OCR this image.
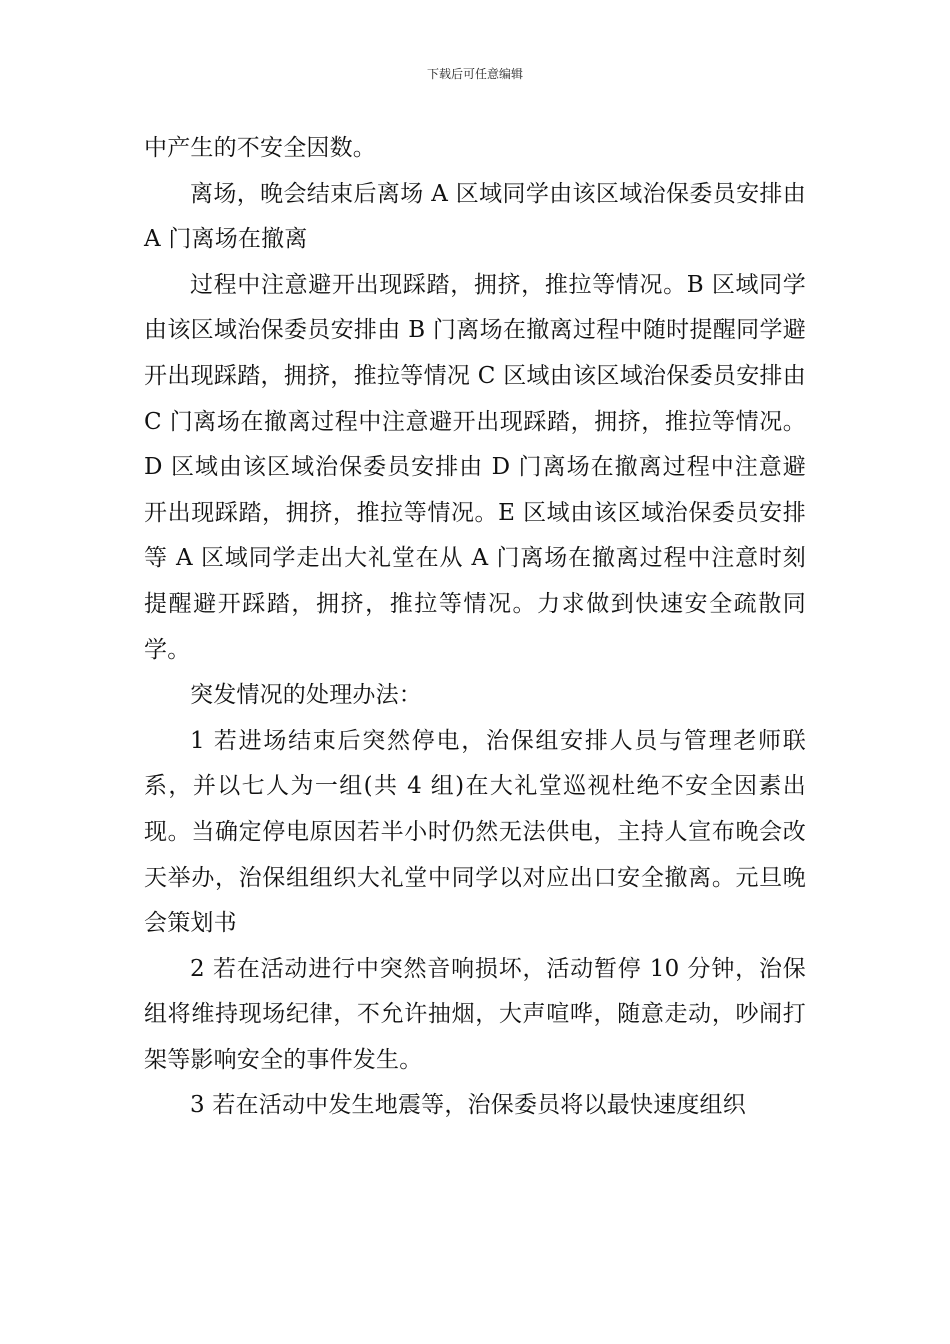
下载后可任意编辑

中产生的不安全因数。

离场，晚会结束后离场 A 区域同学由该区域治保委员安排由 A 门离场在撤离

过程中注意避开出现踩踏，拥挤，推拉等情况。B 区域同学由该区域治保委员安排由 B 门离场在撤离过程中随时提醒同学避开出现踩踏，拥挤，推拉等情况 C 区域由该区域治保委员安排由 C 门离场在撤离过程中注意避开出现踩踏，拥挤，推拉等情况。D 区域由该区域治保委员安排由 D 门离场在撤离过程中注意避开出现踩踏，拥挤，推拉等情况。E 区域由该区域治保委员安排等 A 区域同学走出大礼堂在从 A 门离场在撤离过程中注意时刻提醒避开踩踏，拥挤，推拉等情况。力求做到快速安全疏散同学。

突发情况的处理办法：

1 若进场结束后突然停电，治保组安排人员与管理老师联系，并以七人为一组(共 4 组)在大礼堂巡视杜绝不安全因素出现。当确定停电原因若半小时仍然无法供电，主持人宣布晚会改天举办，治保组组织大礼堂中同学以对应出口安全撤离。元旦晚会策划书

2 若在活动进行中突然音响损坏，活动暂停 10 分钟，治保组将维持现场纪律，不允许抽烟，大声喧哗，随意走动，吵闹打架等影响安全的事件发生。

3 若在活动中发生地震等，治保委员将以最快速度组织
